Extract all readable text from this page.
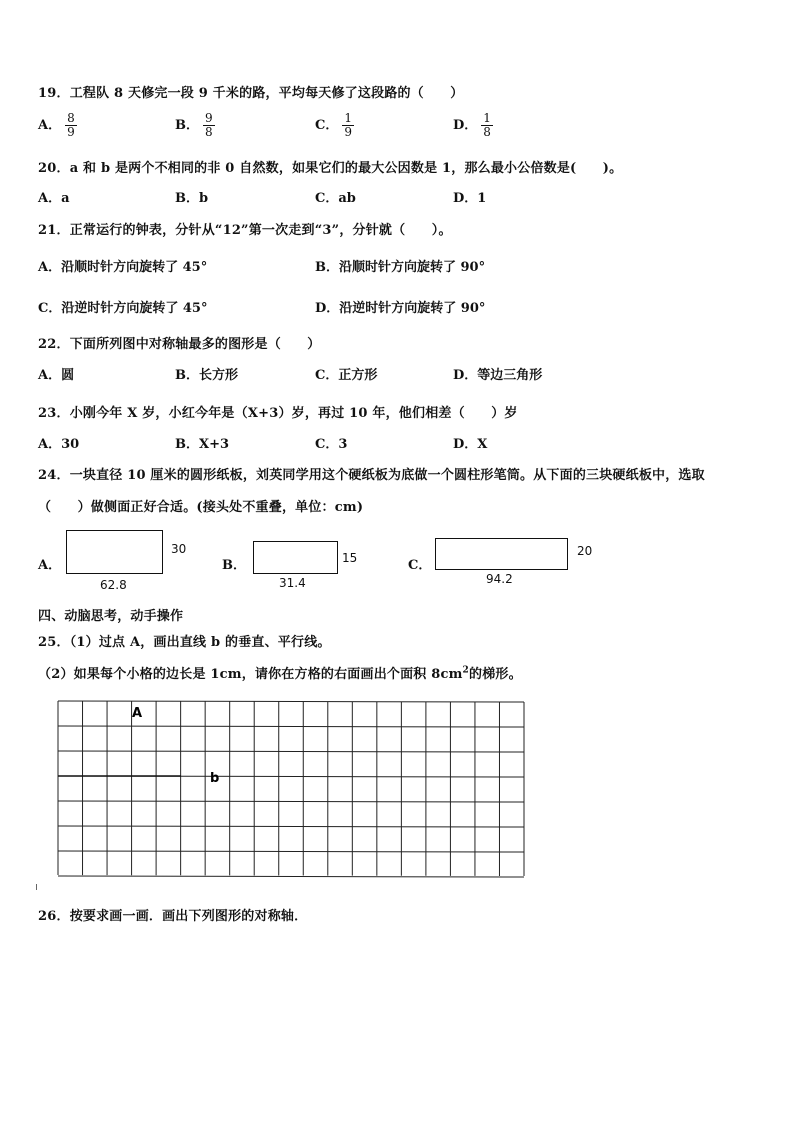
19．工程队 8 天修完一段 9 千米的路，平均每天修了这段路的（　　）
A． $\frac{8}{9}$	B． $\frac{9}{8}$	C． $\frac{1}{9}$	D． $\frac{1}{8}$
20．a 和 b 是两个不相同的非 0 自然数，如果它们的最大公因数是 1，那么最小公倍数是(　　)。
A．a	B．b	C．ab	D．1
21．正常运行的钟表，分针从“12”第一次走到“3”，分针就（　　）。
A．沿顺时针方向旋转了 45°	B．沿顺时针方向旋转了 90°
C．沿逆时针方向旋转了 45°	D．沿逆时针方向旋转了 90°
22．下面所列图中对称轴最多的图形是（　　）
A．圆	B．长方形	C．正方形	D．等边三角形
23．小刚今年 X 岁，小红今年是（X+3）岁，再过 10 年，他们相差（　　）岁
A．30	B．X+3	C．3	D．X
24．一块直径 10 厘米的圆形纸板，刘英同学用这个硬纸板为底做一个圆柱形笔筒。从下面的三块硬纸板中，选取
（　　）做侧面正好合适。(接头处不重叠，单位：cm)
A．
30
62.8
B．	15
31.4
C．
20
94.2
四、动脑思考，动手操作
25．（1）过点 A，画出直线 b 的垂直、平行线。
（2）如果每个小格的边长是 1cm，请你在方格的右面画出个面积 $8cm^2$的梯形。
A
b
26．按要求画一画．画出下列图形的对称轴．
